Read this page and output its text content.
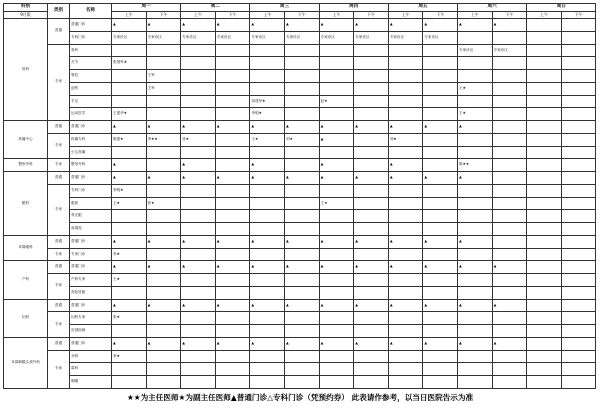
科别	类别	名称	周一		周二		周三		周四		周五		周六		周日	
9月版			上午	下午	上午	下午	上午	下午	上午	下午	上午	下午	上午	下午	上午	下午
骨科	普通	普通门诊	▲	▲	▲	▲	▲	▲	▲	▲	▲	▲	▲	▲		
		专科门诊	专家诊区	专家诊区	专家诊区	专家诊区	专家诊区	专家诊区	专家诊区	专家诊区	专家诊区	专家诊区				
	专家	骨科											专家诊区	专家诊区		
		关节	张国军★													
		脊柱		王军												
		创伤		王军									王★			
		手足					刘建华★		赵★							
		运动医学	王建华★				李明★						王★			
疼痛中心	普通	普通门诊	▲	▲	▲	▲	▲	▲	▲	▲	▲	▲	▲			
	专家	疼痛专科	陈建★	李★★	张★		王★	刘★	▲		刘★					
		小儿疼痛														
整形外科	专家	整形外科	▲		▲		▲		▲		▲		陈★★			
眼科	普通	普通门诊	▲	▲	▲	▲	▲	▲	▲	▲	▲	▲	▲			
	专家	专科门诊	李明★													
		眼底	王★	张★					王★							
		青光眼														
		斜弱视														
耳鼻喉科	普通	普通门诊	▲	▲	▲	▲	▲	▲	▲	▲	▲	▲	▲			
	专家	专家门诊	李★													
产科	普通	普通门诊	▲	▲	▲	▲	▲	▲	▲	▲	▲	▲	▲	▲		
	专家	产科专家	王★													
		高危妊娠														
妇科	普通	普通门诊	▲	▲	▲	▲	▲	▲	▲	▲	▲	▲	▲	▲		
	专家	妇科专家	张★													
		宫颈疾病														
耳鼻咽喉头颈外科	普通	普通门诊	▲	▲	▲	▲	▲	▲	▲	▲	▲	▲	▲	▲		
	专家	耳科	李★													
		鼻科														
		咽喉														
★★为主任医师★为副主任医师▲普通门诊△专科门诊（凭预约券） 此表请作参考，以当日医院告示为准
